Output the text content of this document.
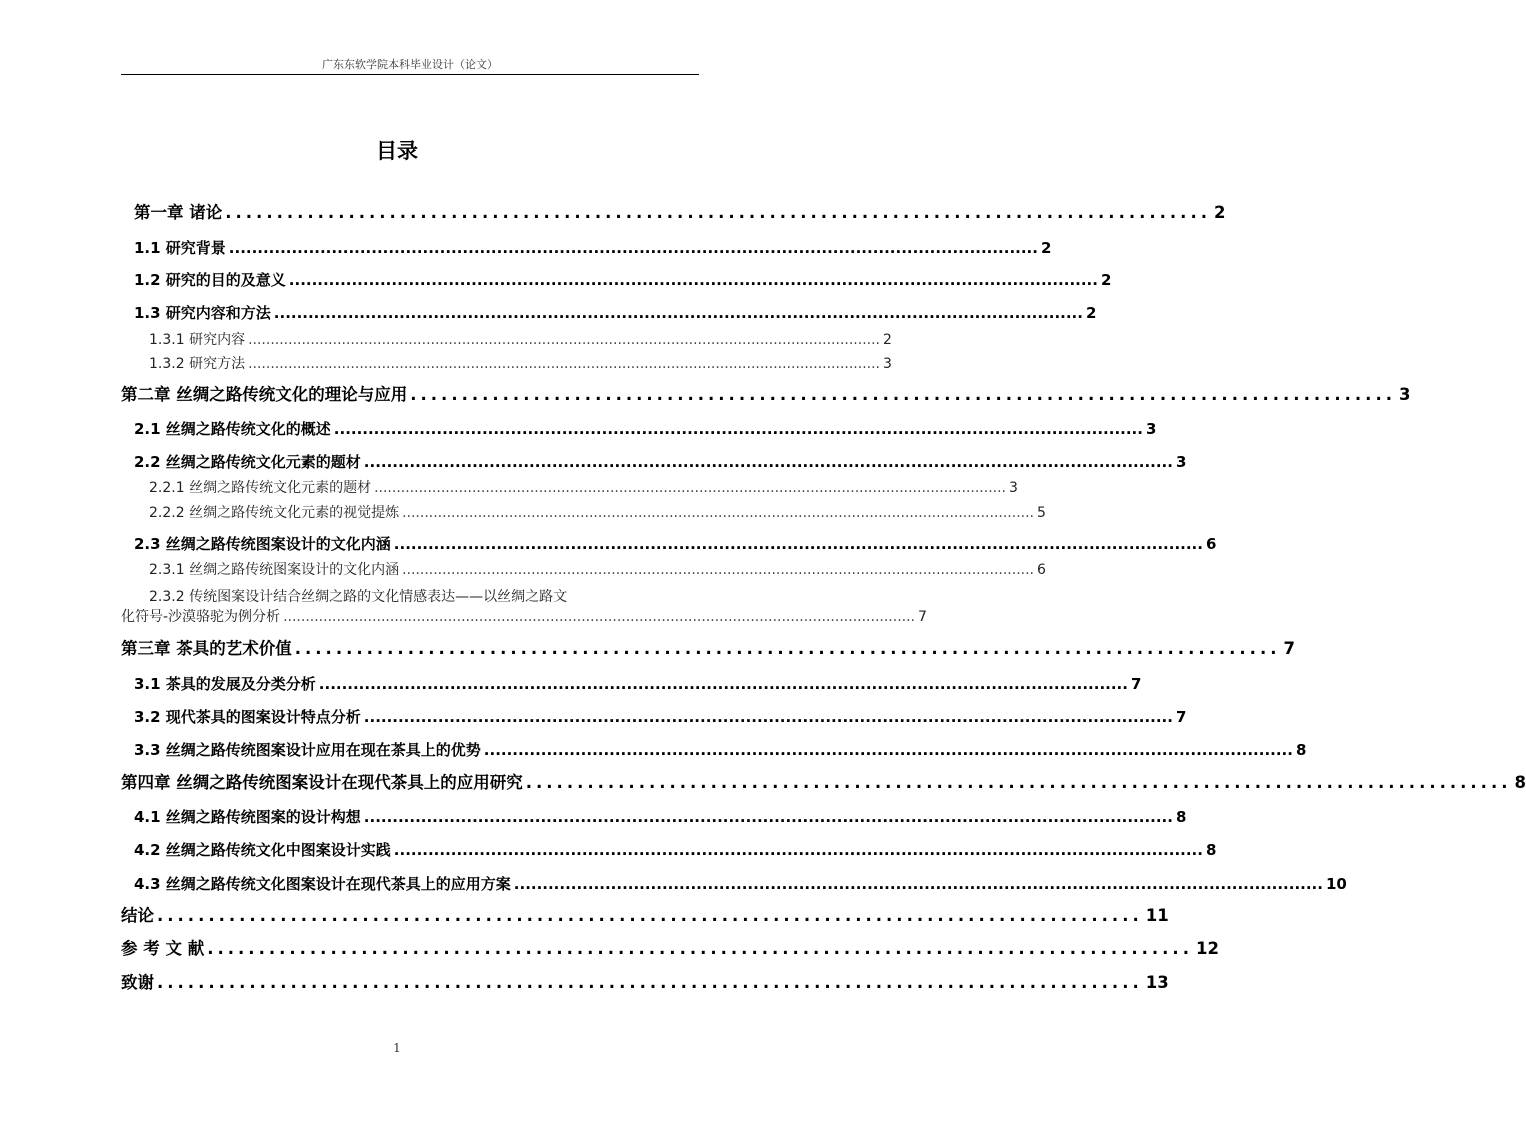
广东东软学院本科毕业设计（论文）
目录
第一章 诸论 ................................................................................................ 2
1.1 研究背景 .............................................................................................................................................. 2
1.2 研究的目的及意义 .............................................................................................................................................. 2
1.3 研究内容和方法 .............................................................................................................................................. 2
1.3.1 研究内容 .............................................................................................................................................. 2
1.3.2 研究方法 .............................................................................................................................................. 3
第二章 丝绸之路传统文化的理论与应用 ................................................................................................ 3
2.1 丝绸之路传统文化的概述 .............................................................................................................................................. 3
2.2 丝绸之路传统文化元素的题材 .............................................................................................................................................. 3
2.2.1 丝绸之路传统文化元素的题材 .............................................................................................................................................. 3
2.2.2 丝绸之路传统文化元素的视觉提炼 .............................................................................................................................................. 5
2.3 丝绸之路传统图案设计的文化内涵 .............................................................................................................................................. 6
2.3.1 丝绸之路传统图案设计的文化内涵 .............................................................................................................................................. 6
2.3.2 传统图案设计结合丝绸之路的文化情感表达——以丝绸之路文
化符号-沙漠骆驼为例分析 .............................................................................................................................................. 7
第三章 茶具的艺术价值 ................................................................................................ 7
3.1 茶具的发展及分类分析 .............................................................................................................................................. 7
3.2 现代茶具的图案设计特点分析 .............................................................................................................................................. 7
3.3 丝绸之路传统图案设计应用在现在茶具上的优势 .............................................................................................................................................. 8
第四章 丝绸之路传统图案设计在现代茶具上的应用研究 ................................................................................................ 8
4.1 丝绸之路传统图案的设计构想 .............................................................................................................................................. 8
4.2 丝绸之路传统文化中图案设计实践 .............................................................................................................................................. 8
4.3 丝绸之路传统文化图案设计在现代茶具上的应用方案 .............................................................................................................................................. 10
结论 ................................................................................................ 11
参 考 文 献 ................................................................................................ 12
致谢 ................................................................................................ 13
1
